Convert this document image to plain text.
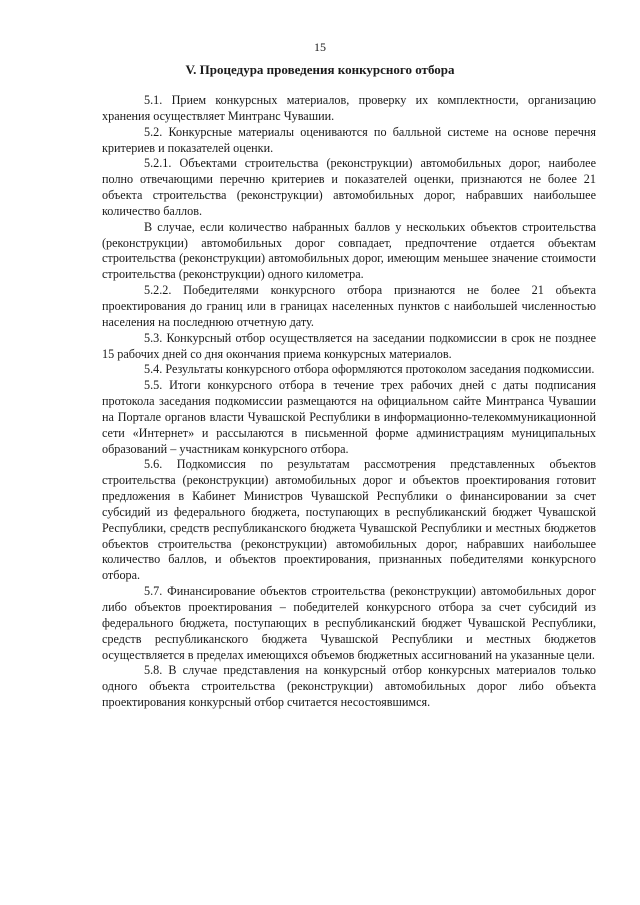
15
V. Процедура проведения конкурсного отбора

5.1. Прием конкурсных материалов, проверку их комплектности, организацию хранения осуществляет Минтранс Чувашии.

5.2. Конкурсные материалы оцениваются по балльной системе на основе перечня критериев и показателей оценки.

5.2.1. Объектами строительства (реконструкции) автомобильных дорог, наиболее полно отвечающими перечню критериев и показателей оценки, признаются не более 21 объекта строительства (реконструкции) автомобильных дорог, набравших наибольшее количество баллов.

В случае, если количество набранных баллов у нескольких объектов строительства (реконструкции) автомобильных дорог совпадает, предпочтение отдается объектам строительства (реконструкции) автомобильных дорог, имеющим меньшее значение стоимости строительства (реконструкции) одного километра.

5.2.2. Победителями конкурсного отбора признаются не более 21 объекта проектирования до границ или в границах населенных пунктов с наибольшей численностью населения на последнюю отчетную дату.

5.3. Конкурсный отбор осуществляется на заседании подкомиссии в срок не позднее 15 рабочих дней со дня окончания приема конкурсных материалов.

5.4. Результаты конкурсного отбора оформляются протоколом заседания подкомиссии.

5.5. Итоги конкурсного отбора в течение трех рабочих дней с даты подписания протокола заседания подкомиссии размещаются на официальном сайте Минтранса Чувашии на Портале органов власти Чувашской Республики в информационно-телекоммуникационной сети «Интернет» и рассылаются в письменной форме администрациям муниципальных образований – участникам конкурсного отбора.

5.6. Подкомиссия по результатам рассмотрения представленных объектов строительства (реконструкции) автомобильных дорог и объектов проектирования готовит предложения в Кабинет Министров Чувашской Республики о финансировании за счет субсидий из федерального бюджета, поступающих в республиканский бюджет Чувашской Республики, средств республиканского бюджета Чувашской Республики и местных бюджетов объектов строительства (реконструкции) автомобильных дорог, набравших наибольшее количество баллов, и объектов проектирования, признанных победителями конкурсного отбора.

5.7. Финансирование объектов строительства (реконструкции) автомобильных дорог либо объектов проектирования – победителей конкурсного отбора за счет субсидий из федерального бюджета, поступающих в республиканский бюджет Чувашской Республики, средств республиканского бюджета Чувашской Республики и местных бюджетов осуществляется в пределах имеющихся объемов бюджетных ассигнований на указанные цели.

5.8. В случае представления на конкурсный отбор конкурсных материалов только одного объекта строительства (реконструкции) автомобильных дорог либо объекта проектирования конкурсный отбор считается несостоявшимся.
